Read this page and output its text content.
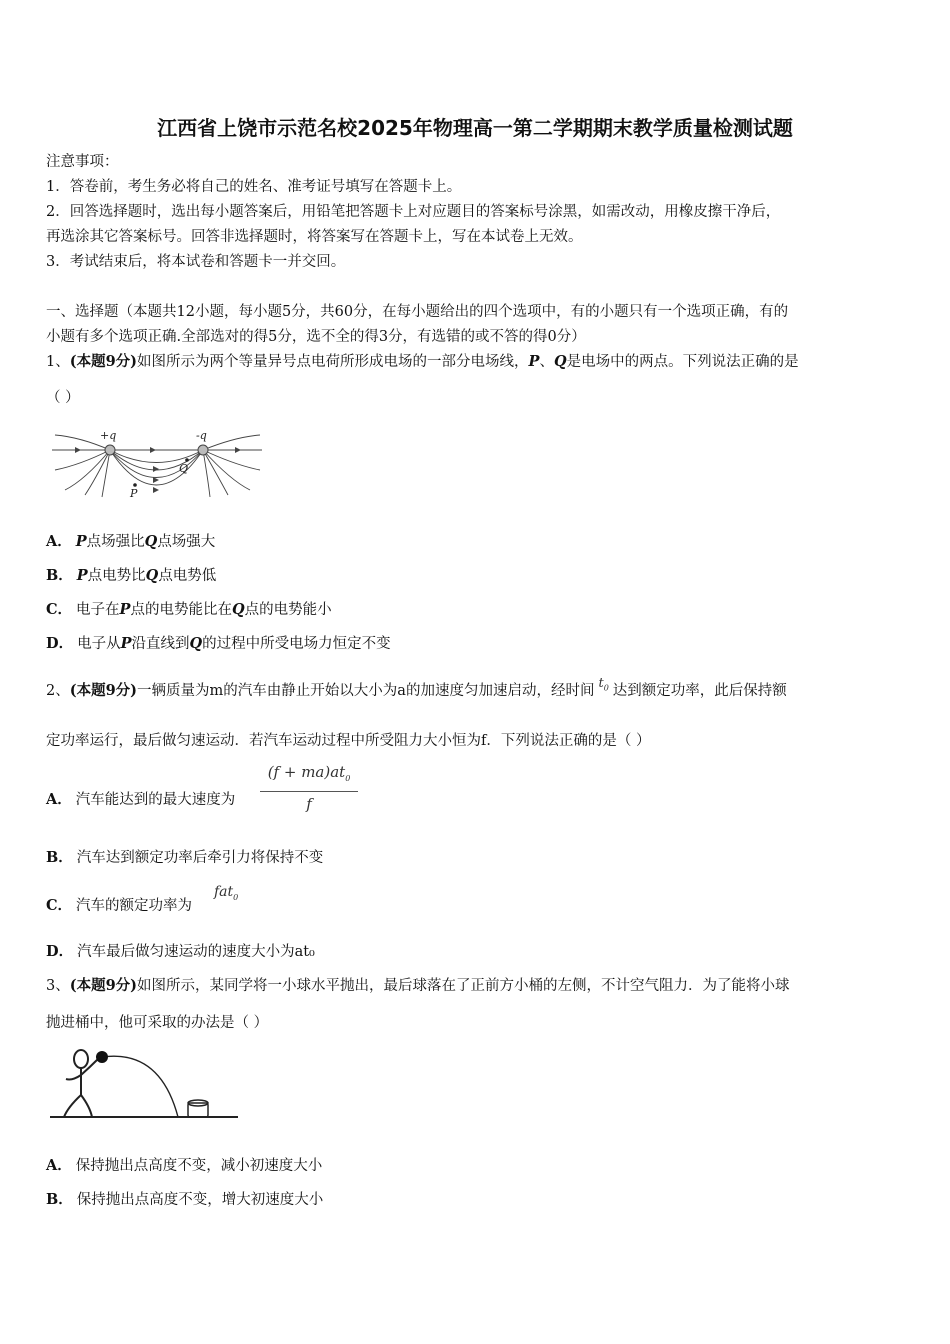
江西省上饶市示范名校2025年物理高一第二学期期末教学质量检测试题
注意事项：
1．答卷前，考生务必将自己的姓名、准考证号填写在答题卡上。
2．回答选择题时，选出每小题答案后，用铅笔把答题卡上对应题目的答案标号涂黑，如需改动，用橡皮擦干净后，
再选涂其它答案标号。回答非选择题时，将答案写在答题卡上，写在本试卷上无效。
3．考试结束后，将本试卷和答题卡一并交回。
一、选择题（本题共12小题，每小题5分，共60分，在每小题给出的四个选项中，有的小题只有一个选项正确，有的
小题有多个选项正确.全部选对的得5分，选不全的得3分，有选错的或不答的得0分）
1、(本题9分)如图所示为两个等量异号点电荷所形成电场的一部分电场线，P、Q是电场中的两点。下列说法正确的是
（ ）
+q	-q
P
Q
A． P点场强比Q点场强大
B． P点电势比Q点电势低
C． 电子在P点的电势能比在Q点的电势能小
D． 电子从P沿直线到Q的过程中所受电场力恒定不变
2、(本题9分)一辆质量为m的汽车由静止开始以大小为a的加速度匀加速启动，经时间 $t_0$ 达到额定功率，此后保持额
定功率运行，最后做匀速运动．若汽车运动过程中所受阻力大小恒为f．下列说法正确的是（ ）
A． 汽车能达到的最大速度为
$(f + ma)at_0$
f
B． 汽车达到额定功率后牵引力将保持不变
C． 汽车的额定功率为
fat$_0$
D． 汽车最后做匀速运动的速度大小为at₀
3、(本题9分)如图所示，某同学将一小球水平抛出，最后球落在了正前方小桶的左侧，不计空气阻力．为了能将小球
抛进桶中，他可采取的办法是（ ）
A． 保持抛出点高度不变，减小初速度大小
B． 保持抛出点高度不变，增大初速度大小
